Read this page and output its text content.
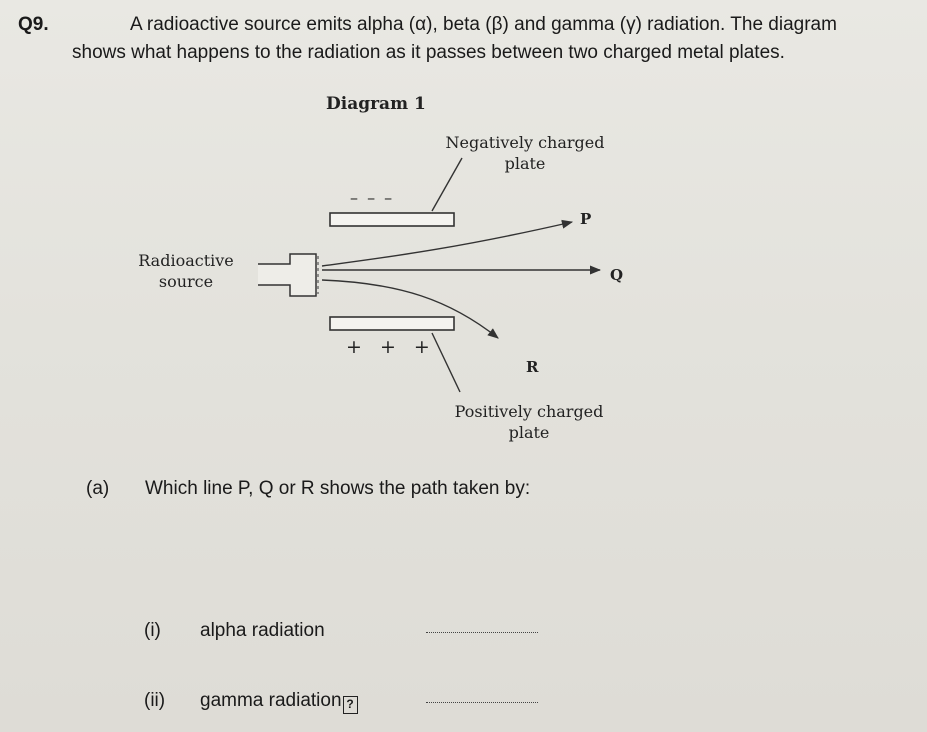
Q9.	A radioactive source emits alpha (α), beta (β) and gamma (γ) radiation. The diagram
shows what happens to the radiation as it passes between two charged metal plates.
Diagram 1
Negatively charged
plate
– – –
Radioactive
source
P
Q
R
+ + +
Positively charged
plate
(a) Which line P, Q or R shows the path taken by:
(i) alpha radiation
(ii) gamma radiation ?
